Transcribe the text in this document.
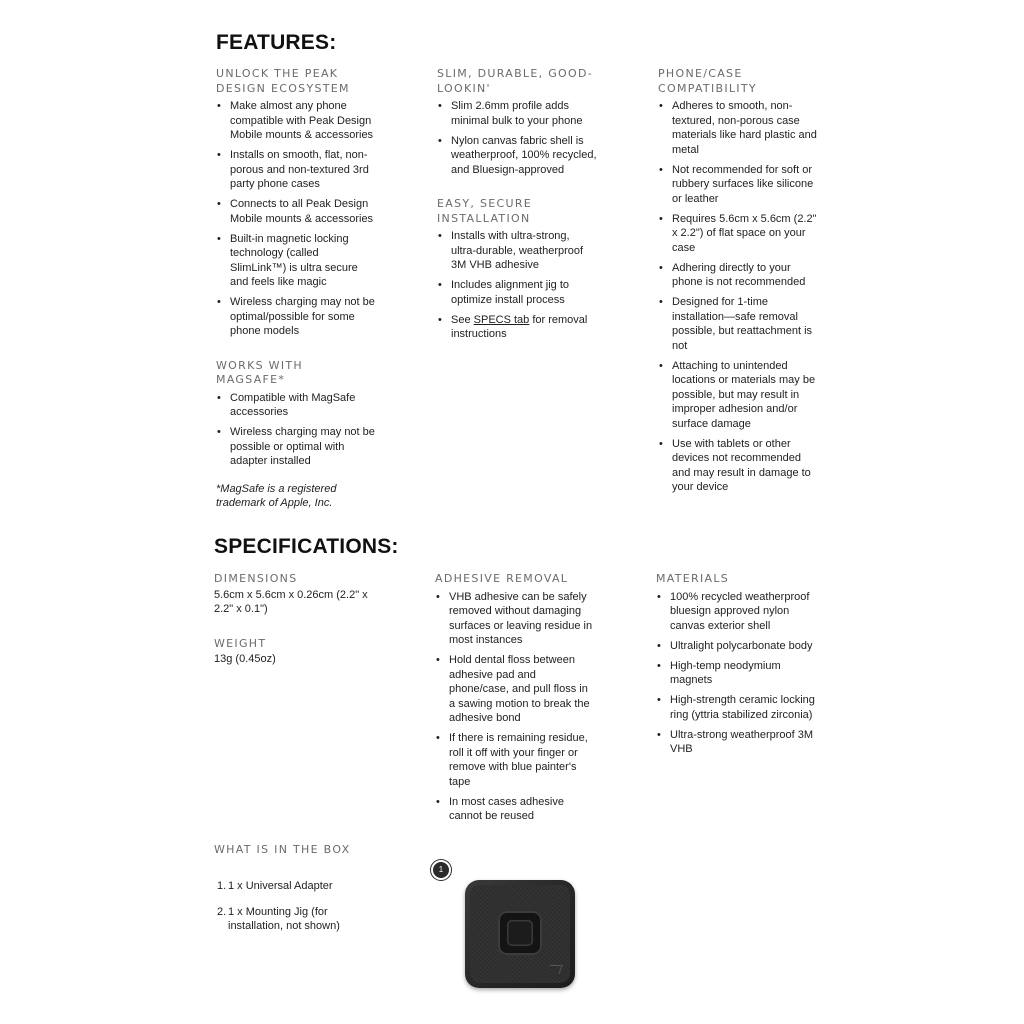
FEATURES:
UNLOCK THE PEAK DESIGN ECOSYSTEM
• Make almost any phone compatible with Peak Design Mobile mounts & accessories
• Installs on smooth, flat, non-porous and non-textured 3rd party phone cases
• Connects to all Peak Design Mobile mounts & accessories
• Built-in magnetic locking technology (called SlimLink™) is ultra secure and feels like magic
• Wireless charging may not be optimal/possible for some phone models
WORKS WITH MAGSAFE*
• Compatible with MagSafe accessories
• Wireless charging may not be possible or optimal with adapter installed
*MagSafe is a registered trademark of Apple, Inc.
SLIM, DURABLE, GOOD-LOOKIN'
• Slim 2.6mm profile adds minimal bulk to your phone
• Nylon canvas fabric shell is weatherproof, 100% recycled, and Bluesign-approved
EASY, SECURE INSTALLATION
• Installs with ultra-strong, ultra-durable, weatherproof 3M VHB adhesive
• Includes alignment jig to optimize install process
• See SPECS tab for removal instructions
PHONE/CASE COMPATIBILITY
• Adheres to smooth, non-textured, non-porous case materials like hard plastic and metal
• Not recommended for soft or rubbery surfaces like silicone or leather
• Requires 5.6cm x 5.6cm (2.2" x 2.2") of flat space on your case
• Adhering directly to your phone is not recommended
• Designed for 1-time installation—safe removal possible, but reattachment is not
• Attaching to unintended locations or materials may be possible, but may result in improper adhesion and/or surface damage
• Use with tablets or other devices not recommended and may result in damage to your device
SPECIFICATIONS:
DIMENSIONS
5.6cm x 5.6cm x 0.26cm (2.2" x 2.2" x 0.1")
WEIGHT
13g (0.45oz)
ADHESIVE REMOVAL
• VHB adhesive can be safely removed without damaging surfaces or leaving residue in most instances
• Hold dental floss between adhesive pad and phone/case, and pull floss in a sawing motion to break the adhesive bond
• If there is remaining residue, roll it off with your finger or remove with blue painter's tape
• In most cases adhesive cannot be reused
MATERIALS
• 100% recycled weatherproof bluesign approved nylon canvas exterior shell
• Ultralight polycarbonate body
• High-temp neodymium magnets
• High-strength ceramic locking ring (yttria stabilized zirconia)
• Ultra-strong weatherproof 3M VHB
WHAT IS IN THE BOX
1. 1 x Universal Adapter
2. 1 x Mounting Jig (for installation, not shown)
1
